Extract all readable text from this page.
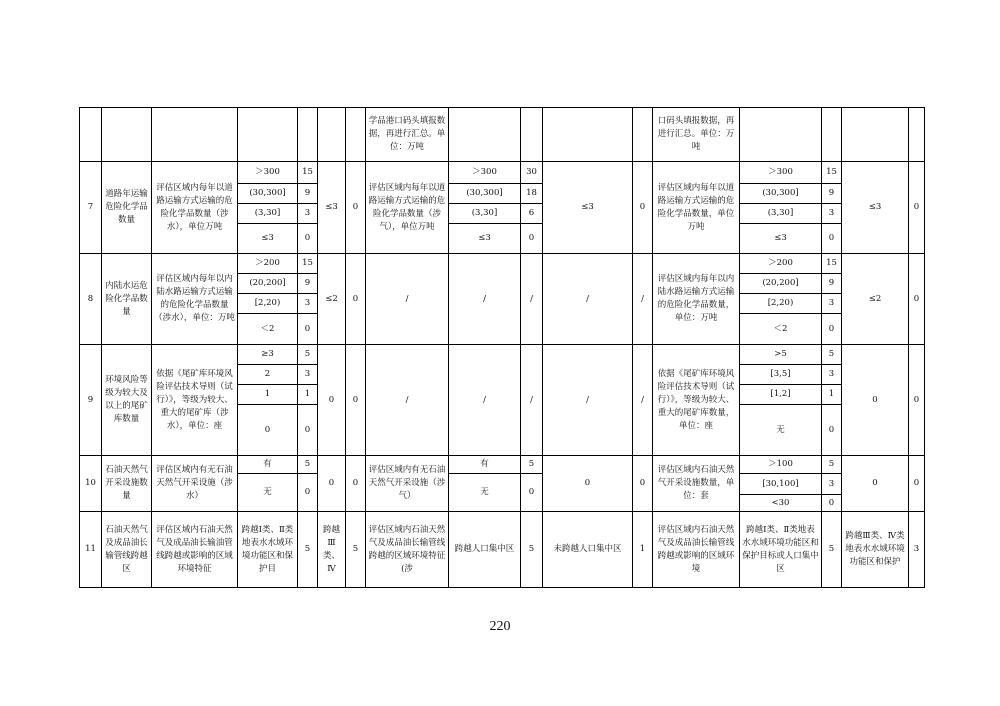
							学品港口码头填报数据，再进行汇总。单位：万吨					口码头填报数据，再进行汇总。单位：万吨				
7	道路年运输危险化学品数量	评估区域内每年以道路运输方式运输的危险化学品数量（涉水），单位万吨	＞300	15	≤3	0	评估区域内每年以道路运输方式运输的危险化学品数量（涉气），单位万吨	＞300	30	≤3	0	评估区域内每年以道路运输方式运输的危险化学品数量，单位万吨	＞300	15	≤3	0
			(30,300]	9				(30,300]	18				(30,300]	9		
			(3,30]	3				(3,30]	6				(3,30]	3		
			≤3	0				≤3	0				≤3	0		
8	内陆水运危险化学品数量	评估区域内每年以内陆水路运输方式运输的危险化学品数量（涉水），单位：万吨	＞200	15	≤2	0	/	/	/	/	/	评估区域内每年以内陆水路运输方式运输的危险化学品数量，单位：万吨	＞200	15	≤2	0
			(20,200]	9									(20,200]	9		
			[2,20)	3									[2,20)	3		
			＜2	0									＜2	0		
9	环境风险等级为较大及以上的尾矿库数量	依据《尾矿库环境风险评估技术导则（试行）》，等级为较大、重大的尾矿库（涉水），单位：座	≥3	5	0	0	/	/	/	/	/	依据《尾矿库环境风险评估技术导则（试行）》，等级为较大、重大的尾矿库数量，单位：座	>5	5	0	0
			2	3									[3,5]	3		
			1	1									[1,2]	1		
			0	0									无	0		
10	石油天然气开采设施数量	评估区域内有无石油天然气开采设施（涉水）	有	5	0	0	评估区域内有无石油天然气开采设施（涉气）	有	5	0	0	评估区域内石油天然气开采设施数量，单位：套	＞100	5	0	0
			无	0				无	0				[30,100]	3		
													<30	0		
11	石油天然气及成品油长输管线跨越区	评估区域内石油天然气及成品油长输油管线跨越或影响的区域环境特征	跨越Ⅰ类、Ⅱ类地表水水域环境功能区和保护目	5	跨越Ⅲ类、Ⅳ	5	评估区域内石油天然气及成品油长输管线跨越的区域环境特征(涉	跨越人口集中区	5	未跨越人口集中区	1	评估区域内石油天然气及成品油长输管线跨越或影响的区域环境	跨越Ⅰ类、Ⅱ类地表水水域环境功能区和保护目标或人口集中区	5	跨越Ⅲ类、Ⅳ类地表水水域环境功能区和保护	3
220
